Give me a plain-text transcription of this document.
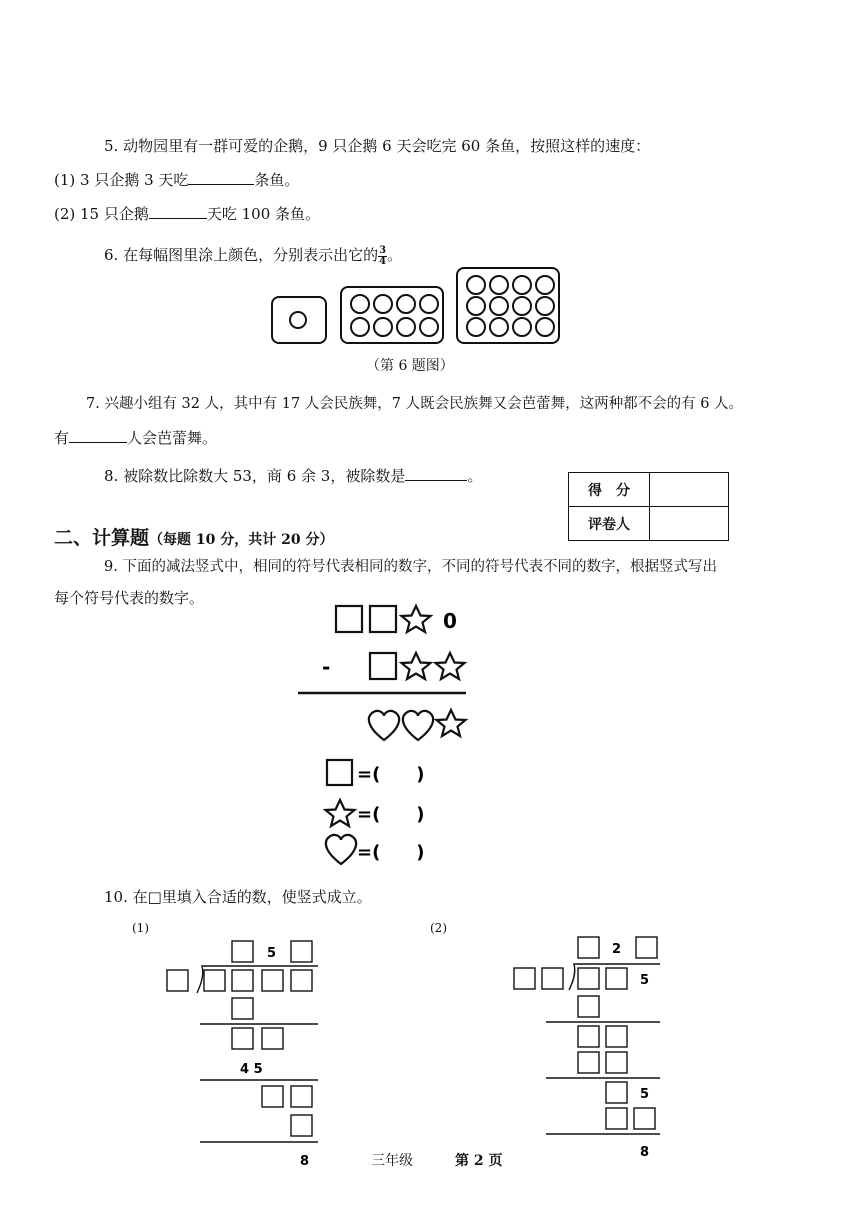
5. 动物园里有一群可爱的企鹅，9 只企鹅 6 天会吃完 60 条鱼，按照这样的速度：
(1) 3 只企鹅 3 天吃	条鱼。
(2) 15 只企鹅	天吃 100 条鱼。
6. 在每幅图里涂上颜色，分别表示出它的 $\frac{3}{4}$ 。
（第 6 题图）
7. 兴趣小组有 32 人，其中有 17 人会民族舞，7 人既会民族舞又会芭蕾舞，这两种都不会的有 6 人。
有	人会芭蕾舞。
8. 被除数比除数大 53，商 6 余 3，被除数是	。
得　分	
评卷人	
二、计算题（每题 10 分，共计 20 分）
9. 下面的减法竖式中，相同的符号代表相同的数字，不同的符号代表不同的数字，根据竖式写出
每个符号代表的数字。
0
-
=(　　)
=(　　)
=(　　)
10. 在□里填入合适的数，使竖式成立。
(1)	(2)
5
4 5
8
2
5
5
8
三年级	第 2 页
